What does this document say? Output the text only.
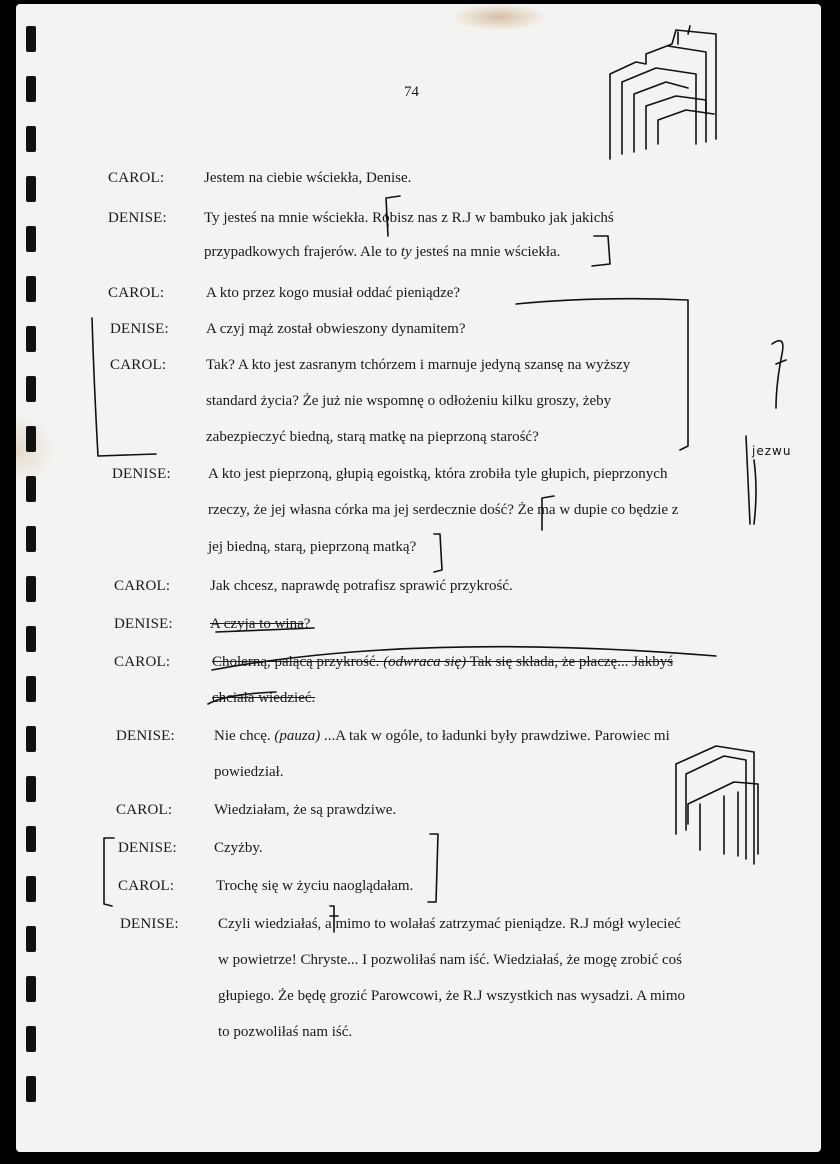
74
CAROL:	Jestem na ciebie wściekła, Denise.
DENISE: Ty jesteś na mnie wściekła. Robisz nas z R.J w bambuko jak jakichś
przypadkowych frajerów. Ale to ty jesteś na mnie wściekła.
CAROL:	A kto przez kogo musiał oddać pieniądze?
DENISE: A czyj mąż został obwieszony dynamitem?
CAROL:	Tak? A kto jest zasranym tchórzem i marnuje jedyną szansę na wyższy
standard życia? Że już nie wspomnę o odłożeniu kilku groszy, żeby
zabezpieczyć biedną, starą matkę na pieprzoną starość?
DENISE: A kto jest pieprzoną, głupią egoistką, która zrobiła tyle głupich, pieprzonych
rzeczy, że jej własna córka ma jej serdecznie dość? Że ma w dupie co będzie z
jej biedną, starą, pieprzoną matką?
CAROL:	Jak chcesz, naprawdę potrafisz sprawić przykrość.
DENISE: A czyja to wina?
CAROL:	Cholerną, palącą przykrość. (odwraca się) Tak się składa, że płaczę... Jakbyś
chciała wiedzieć.
DENISE:	Nie chcę. (pauza) ...A tak w ogóle, to ładunki były prawdziwe. Parowiec mi
powiedział.
CAROL:	Wiedziałam, że są prawdziwe.
DENISE: Czyżby.
CAROL:	Trochę się w życiu naoglądałam.
DENISE:	Czyli wiedziałaś, a mimo to wolałaś zatrzymać pieniądze. R.J mógł wylecieć
w powietrze! Chryste... I pozwoliłaś nam iść. Wiedziałaś, że mogę zrobić coś
głupiego. Że będę grozić Parowcowi, że R.J wszystkich nas wysadzi. A mimo
to pozwoliłaś nam iść.
jezwu
